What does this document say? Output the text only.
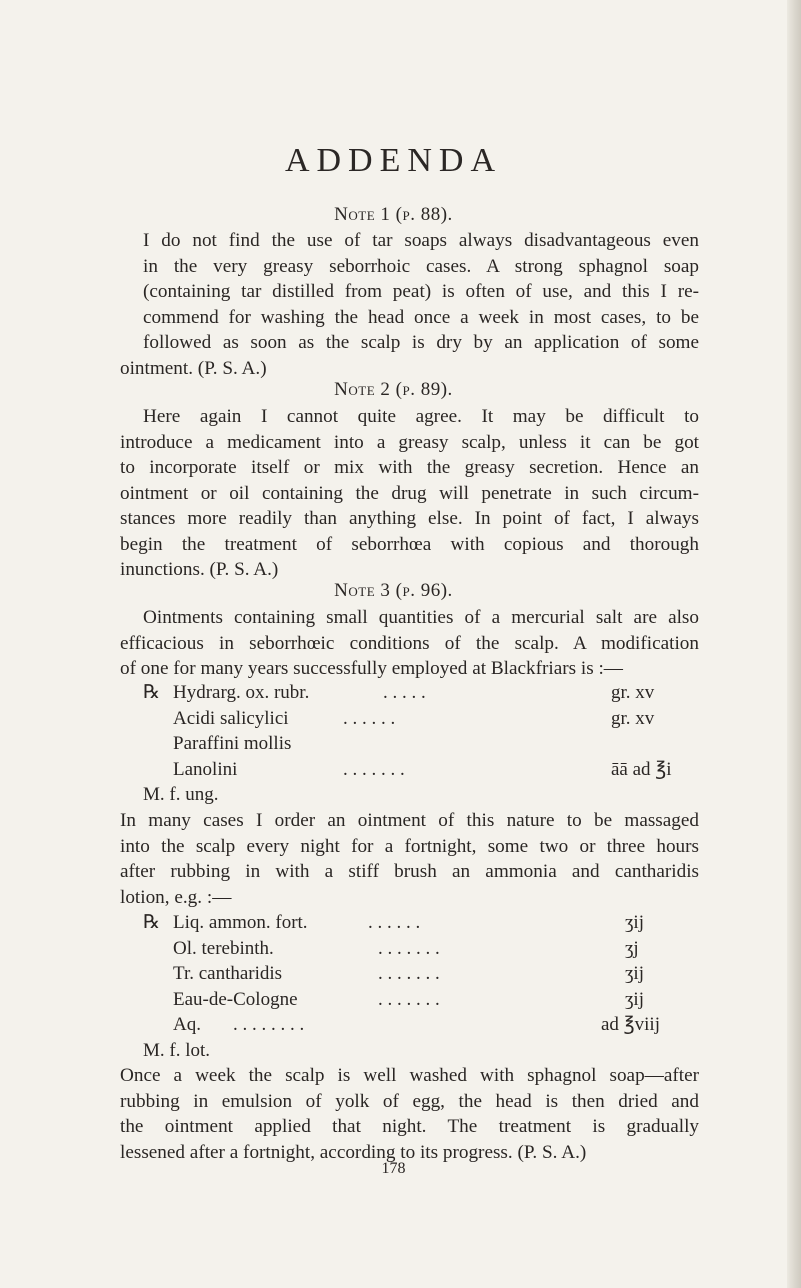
ADDENDA
Note 1 (p. 88).
I do not find the use of tar soaps always disadvantageous even
in the very greasy seborrhoic cases. A strong sphagnol soap
(containing tar distilled from peat) is often of use, and this I re-
commend for washing the head once a week in most cases, to be
followed as soon as the scalp is dry by an application of some
ointment. (P. S. A.)
Note 2 (p. 89).
Here again I cannot quite agree. It may be difficult to
introduce a medicament into a greasy scalp, unless it can be got
to incorporate itself or mix with the greasy secretion. Hence an
ointment or oil containing the drug will penetrate in such circum-
stances more readily than anything else. In point of fact, I always
begin the treatment of seborrhœa with copious and thorough
inunctions. (P. S. A.)
Note 3 (p. 96).
Ointments containing small quantities of a mercurial salt are also
efficacious in seborrhœic conditions of the scalp. A modification
of one for many years successfully employed at Blackfriars is :—
℞ Hydrarg. ox. rubr.	. . . . .	gr. xv
Acidi salicylici	. . . . . .	gr. xv
Paraffini mollis
Lanolini	. . . . . . .	āā ad ℥i
M. f. ung.
In many cases I order an ointment of this nature to be massaged
into the scalp every night for a fortnight, some two or three hours
after rubbing in with a stiff brush an ammonia and cantharidis
lotion, e.g. :—
℞ Liq. ammon. fort.	. . . . . .	ʒij
Ol. terebinth.	. . . . . . .	ʒj
Tr. cantharidis	. . . . . . .	ʒij
Eau-de-Cologne	. . . . . . .	ʒij
Aq. . . . . . . . .	ad ℥viij
M. f. lot.
Once a week the scalp is well washed with sphagnol soap—after
rubbing in emulsion of yolk of egg, the head is then dried and
the ointment applied that night. The treatment is gradually
lessened after a fortnight, according to its progress. (P. S. A.)
178
